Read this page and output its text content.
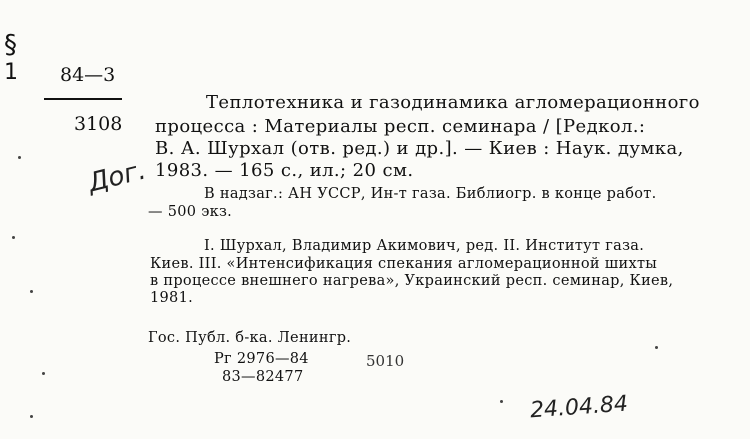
§
1 84—3
3108
Теплотехника и газодинамика агломерационного
процесса : Материалы респ. семинара / [Редкол.:
В. А. Шурхал (отв. ред.) и др.]. — Киев : Наук. думка,
1983. — 165 с., ил.; 20 см.
Дог.	В надзаг.: АН УССР, Ин-т газа. Библиогр. в конце работ.
— 500 экз.
I. Шурхал, Владимир Акимович, ред. II. Институт газа.
Киев. III. «Интенсификация спекания агломерационной шихты
в процессе внешнего нагрева», Украинский респ. семинар, Киев,
1981.
Гос. Публ. б-ка. Ленингр.
Рг 2976—84
83—82477
5010
24.04.84
